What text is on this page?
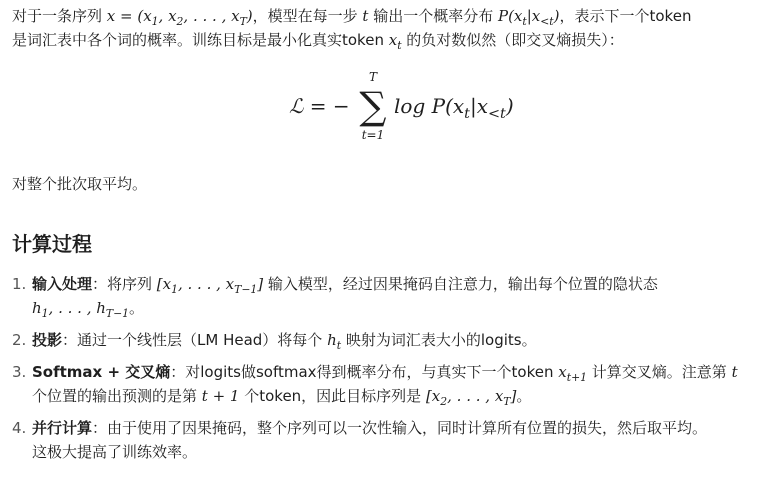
对于一条序列 $x = (x_1$, $x_2$, . . . , $x_T$)，模型在每一步 t 输出一个概率分布 $P(x_t|x_{<t})$，表示下一个token

是词汇表中各个词的概率。训练目标是最小化真实token $x_t$ 的负对数似然（即交叉熵损失）：

ℒ = −
T
∑
t=1
$\log P(x_t|x_{<t})$

对整个批次取平均。

计算过程
1. 输入处理：将序列 [$x_1$, . . . , $x_{T-1}$] 输入模型，经过因果掩码自注意力，输出每个位置的隐状态
$h_1$, . . . , $h_{T-1}$。
2. 投影：通过一个线性层（LM Head）将每个 $h_t$ 映射为词汇表大小的logits。
3. Softmax + 交叉熵：对logits做softmax得到概率分布，与真实下一个token $x_{t+1}$ 计算交叉熵。注意第 t
个位置的输出预测的是第 t + 1 个token，因此目标序列是 [$x_2$, . . . , $x_T$]。
4. 并行计算：由于使用了因果掩码，整个序列可以一次性输入，同时计算所有位置的损失，然后取平均。
这极大提高了训练效率。
